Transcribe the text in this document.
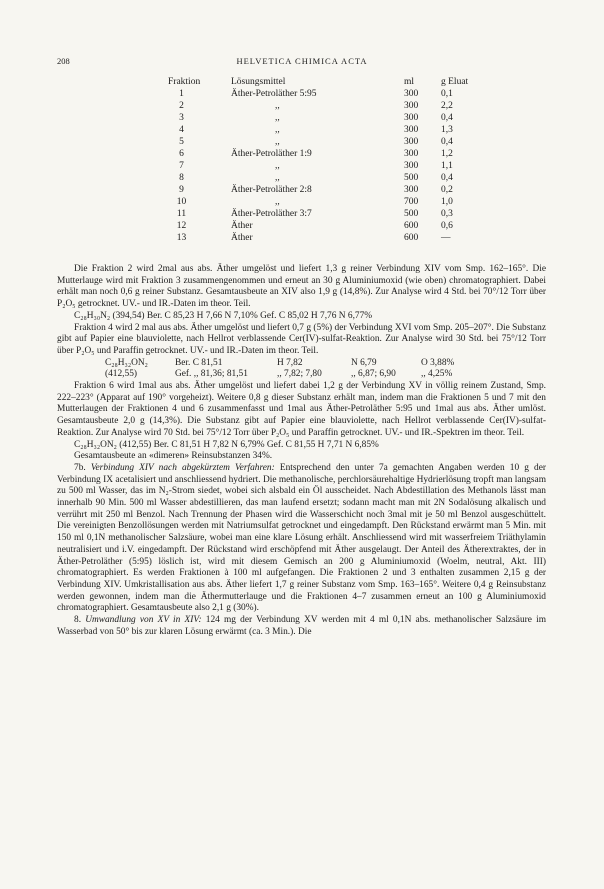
208	HELVETICA CHIMICA ACTA
Fraktion	Lösungsmittel	ml	g Eluat
1	Äther-Petroläther 5:95	300	0,1
2	,,	300	2,2
3	,,	300	0,4
4	,,	300	1,3
5	,,	300	0,4
6	Äther-Petroläther 1:9	300	1,2
7	,,	300	1,1
8	,,	500	0,4
9	Äther-Petroläther 2:8	300	0,2
10	,,	700	1,0
11	Äther-Petroläther 3:7	500	0,3
12	Äther	600	0,6
13	Äther	600	—

Die Fraktion 2 wird 2mal aus abs. Äther umgelöst und liefert 1,3 g reiner Verbindung XIV vom Smp. 162–165°. Die Mutterlauge wird mit Fraktion 3 zusammengenommen und erneut an 30 g Aluminiumoxid (wie oben) chromatographiert. Dabei erhält man noch 0,6 g reiner Substanz. Gesamtausbeute an XIV also 1,9 g (14,8%). Zur Analyse wird 4 Std. bei 70°/12 Torr über P₂O₅ getrocknet. UV.- und IR.-Daten im theor. Teil.

C₂₈H₃₀N₂ (394,54) Ber. C 85,23 H 7,66 N 7,10% Gef. C 85,02 H 7,76 N 6,77%

Fraktion 4 wird 2 mal aus abs. Äther umgelöst und liefert 0,7 g (5%) der Verbindung XVI vom Smp. 205–207°. Die Substanz gibt auf Papier eine blauviolette, nach Hellrot verblassende Cer(IV)-sulfat-Reaktion. Zur Analyse wird 30 Std. bei 75°/12 Torr über P₂O₅ und Paraffin getrocknet. UV.- und IR.-Daten im theor. Teil.

C₂₈H₃₂ON₂	Ber. C 81,51	H 7,82	N 6,79	O 3,88%
(412,55)	Gef. ,, 81,36; 81,51	,, 7,82; 7,80	,, 6,87; 6,90	,, 4,25%

Fraktion 6 wird 1mal aus abs. Äther umgelöst und liefert dabei 1,2 g der Verbindung XV in völlig reinem Zustand, Smp. 222–223° (Apparat auf 190° vorgeheizt). Weitere 0,8 g dieser Substanz erhält man, indem man die Fraktionen 5 und 7 mit den Mutterlaugen der Fraktionen 4 und 6 zusammenfasst und 1mal aus Äther-Petroläther 5:95 und 1mal aus abs. Äther umlöst. Gesamtausbeute 2,0 g (14,3%). Die Substanz gibt auf Papier eine blauviolette, nach Hellrot verblassende Cer(IV)-sulfat-Reaktion. Zur Analyse wird 70 Std. bei 75°/12 Torr über P₂O₅ und Paraffin getrocknet. UV.- und IR.-Spektren im theor. Teil.

C₂₈H₃₂ON₂ (412,55) Ber. C 81,51 H 7,82 N 6,79% Gef. C 81,55 H 7,71 N 6,85%

Gesamtausbeute an «dimeren» Reinsubstanzen 34%.

7b. Verbindung XIV nach abgekürztem Verfahren: Entsprechend den unter 7a gemachten Angaben werden 10 g der Verbindung IX acetalisiert und anschliessend hydriert. Die methanolische, perchlorsäurehaltige Hydrierlösung tropft man langsam zu 500 ml Wasser, das im N₂-Strom siedet, wobei sich alsbald ein Öl ausscheidet. Nach Abdestillation des Methanols lässt man innerhalb 90 Min. 500 ml Wasser abdestillieren, das man laufend ersetzt; sodann macht man mit 2N Sodalösung alkalisch und verrührt mit 250 ml Benzol. Nach Trennung der Phasen wird die Wasserschicht noch 3mal mit je 50 ml Benzol ausgeschüttelt. Die vereinigten Benzollösungen werden mit Natriumsulfat getrocknet und eingedampft. Den Rückstand erwärmt man 5 Min. mit 150 ml 0,1N methanolischer Salzsäure, wobei man eine klare Lösung erhält. Anschliessend wird mit wasserfreiem Triäthylamin neutralisiert und i.V. eingedampft. Der Rückstand wird erschöpfend mit Äther ausgelaugt. Der Anteil des Ätherextraktes, der in Äther-Petroläther (5:95) löslich ist, wird mit diesem Gemisch an 200 g Aluminiumoxid (Woelm, neutral, Akt. III) chromatographiert. Es werden Fraktionen à 100 ml aufgefangen. Die Fraktionen 2 und 3 enthalten zusammen 2,15 g der Verbindung XIV. Umkristallisation aus abs. Äther liefert 1,7 g reiner Substanz vom Smp. 163–165°. Weitere 0,4 g Reinsubstanz werden gewonnen, indem man die Äthermutterlauge und die Fraktionen 4–7 zusammen erneut an 100 g Aluminiumoxid chromatographiert. Gesamtausbeute also 2,1 g (30%).

8. Umwandlung von XV in XIV: 124 mg der Verbindung XV werden mit 4 ml 0,1N abs. methanolischer Salzsäure im Wasserbad von 50° bis zur klaren Lösung erwärmt (ca. 3 Min.). Die
